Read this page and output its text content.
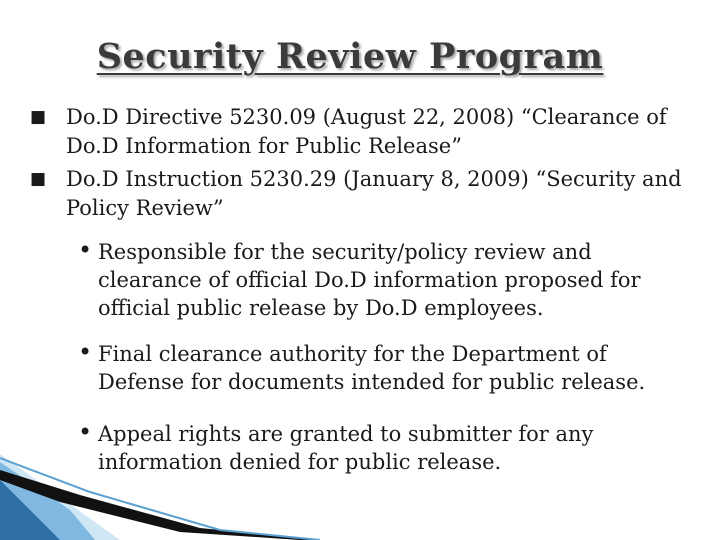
Security Review Program
■ Do.D Directive 5230.09 (August 22, 2008) “Clearance of Do.D Information for Public Release”
■ Do.D Instruction 5230.29 (January 8, 2009) “Security and Policy Review”
• Responsible for the security/policy review and clearance of official Do.D information proposed for official public release by Do.D employees.
• Final clearance authority for the Department of Defense for documents intended for public release.
• Appeal rights are granted to submitter for any information denied for public release.
